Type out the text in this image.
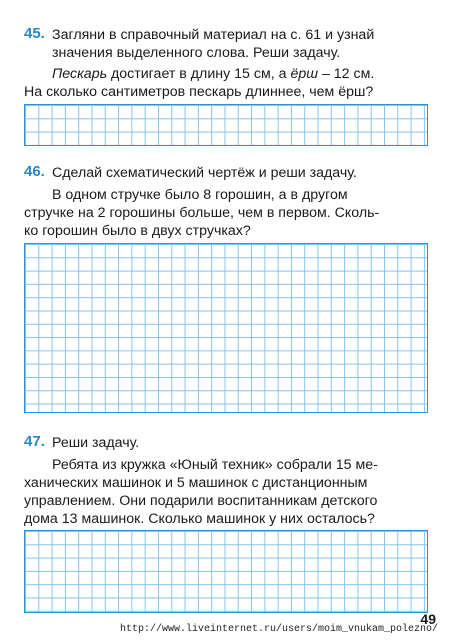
45. Загляни в справочный материал на с. 61 и узнай
значения выделенного слова. Реши задачу.
Пескарь достигает в длину 15 см, а ёрш – 12 см.
На сколько сантиметров пескарь длиннее, чем ёрш?
46. Сделай схематический чертёж и реши задачу.
В одном стручке было 8 горошин, а в другом
стручке на 2 горошины больше, чем в первом. Сколь-
ко горошин было в двух стручках?
47. Реши задачу.
Ребята из кружка «Юный техник» собрали 15 ме-
ханических машинок и 5 машинок с дистанционным
управлением. Они подарили воспитанникам детского
дома 13 машинок. Сколько машинок у них осталось?
49
http://www.liveinternet.ru/users/moim_vnukam_polezno/
